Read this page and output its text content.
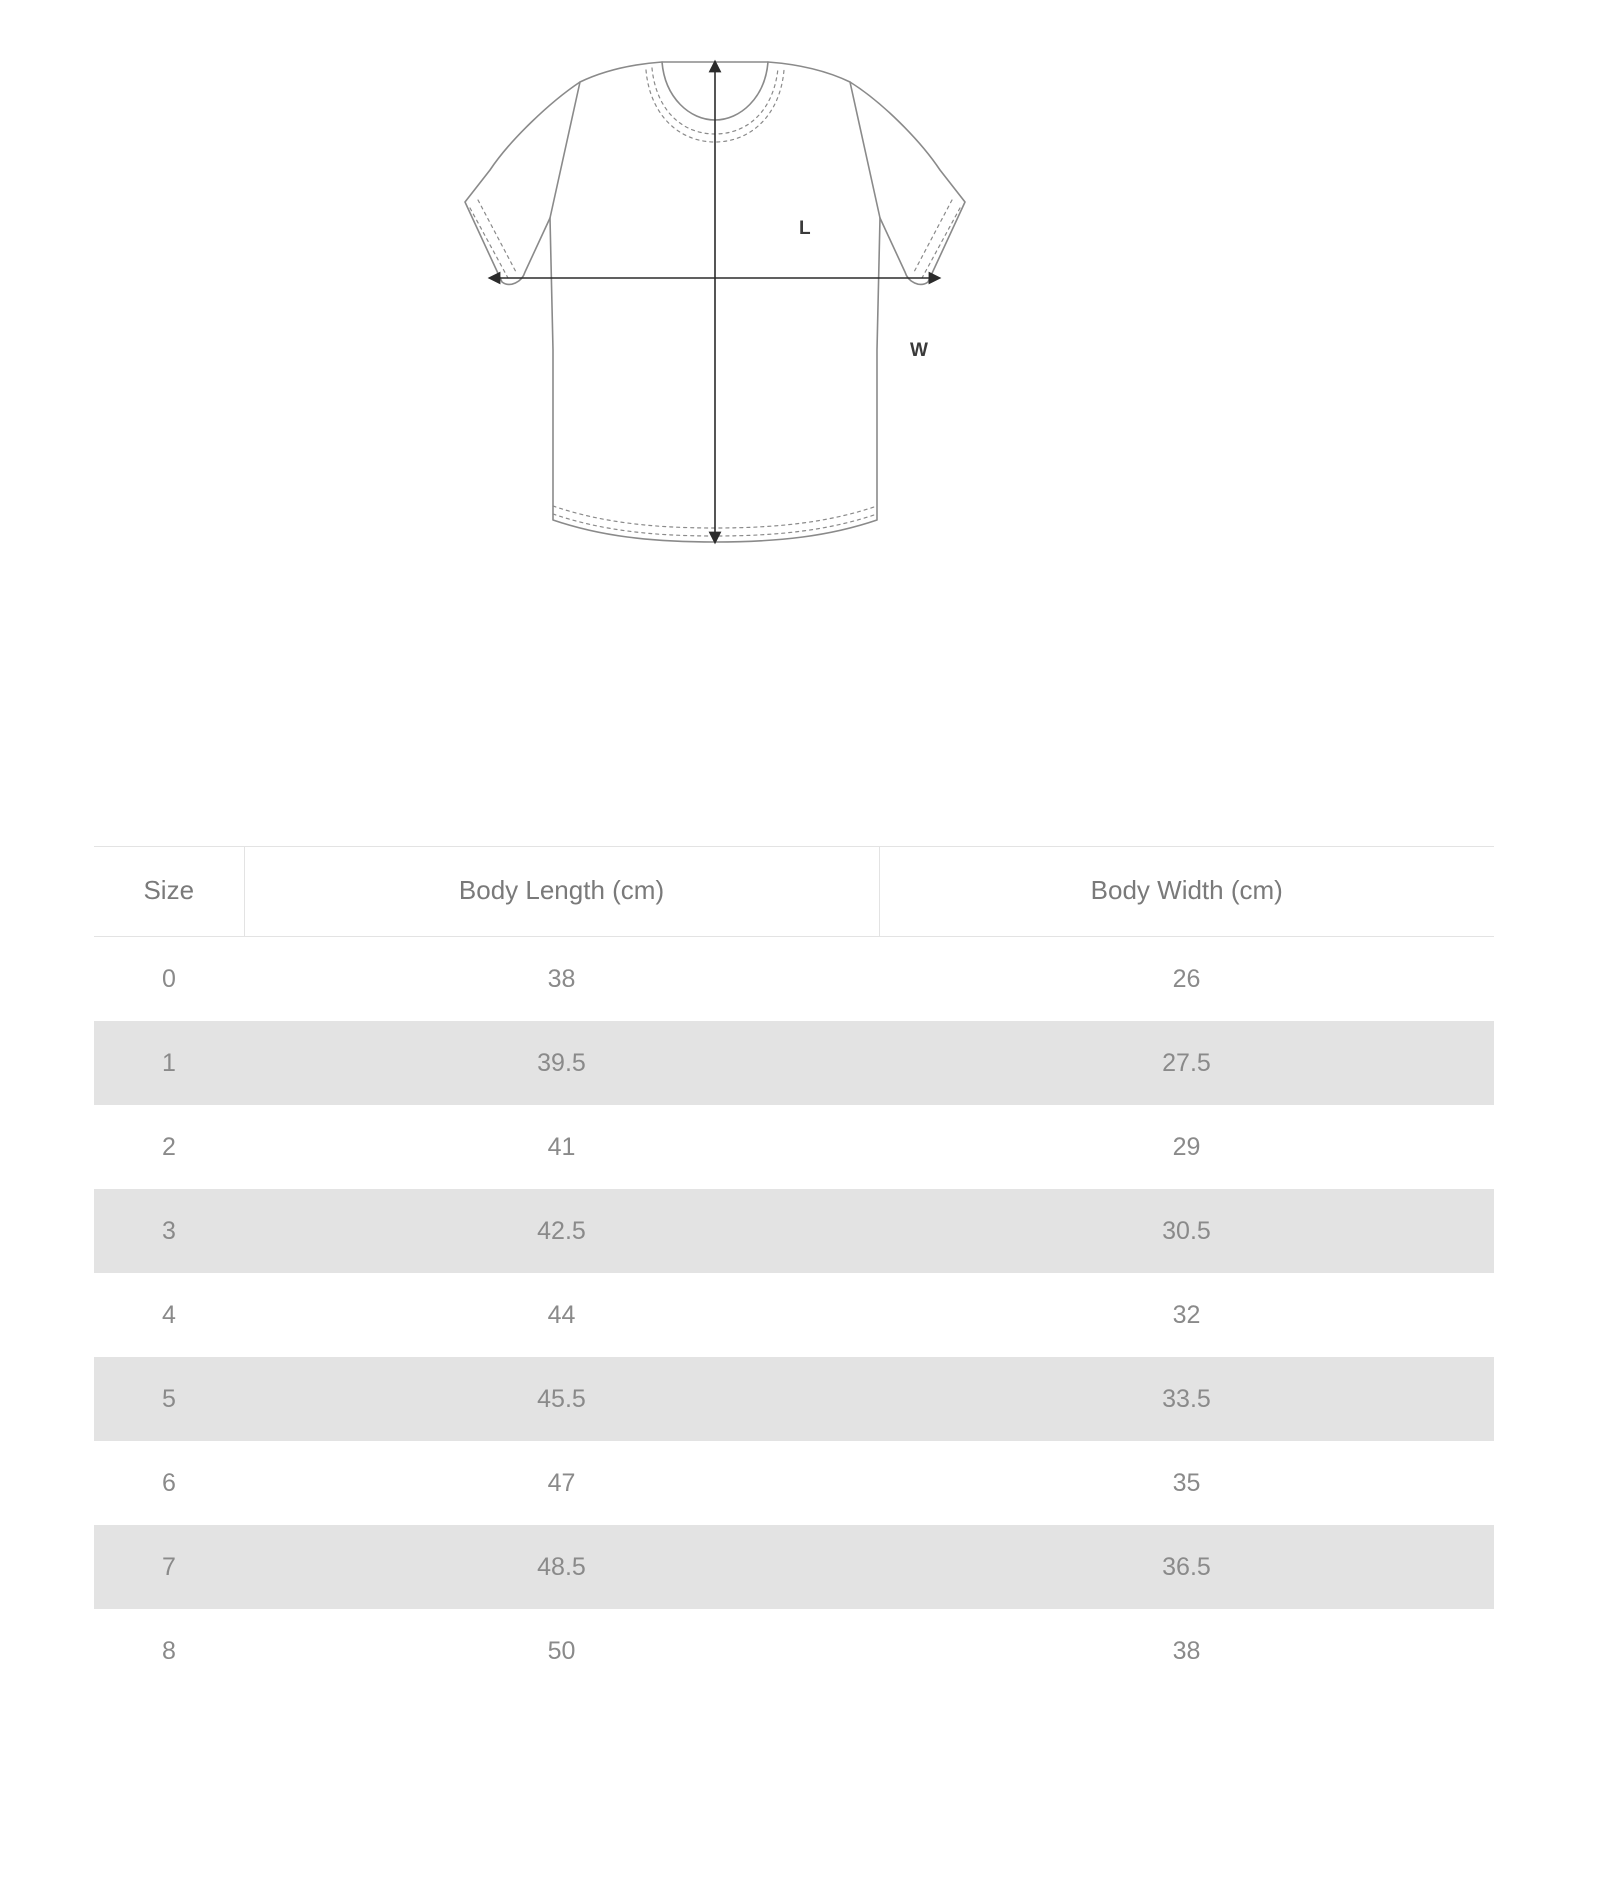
L
W
Size	Body Length (cm)	Body Width (cm)
0	38	26
1	39.5	27.5
2	41	29
3	42.5	30.5
4	44	32
5	45.5	33.5
6	47	35
7	48.5	36.5
8	50	38
